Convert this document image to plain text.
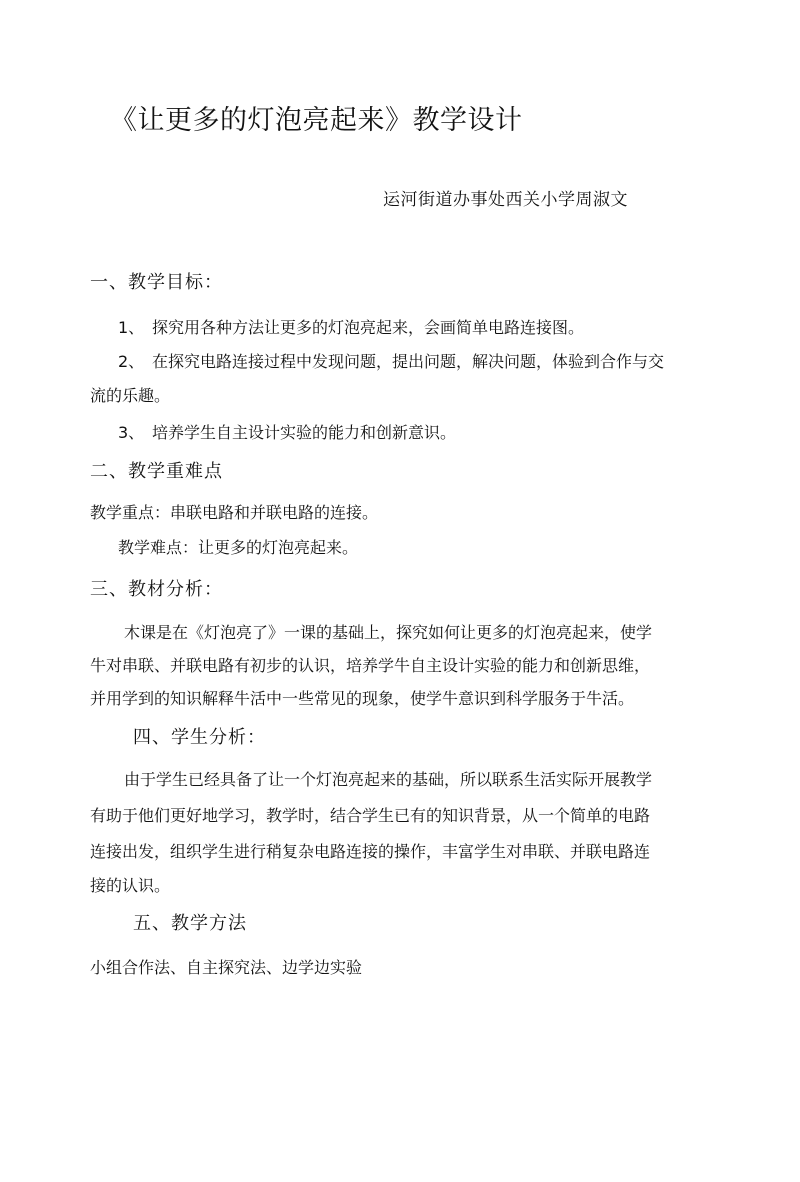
《让更多的灯泡亮起来》教学设计
运河街道办事处西关小学周淑文
一、教学目标：
1、 探究用各种方法让更多的灯泡亮起来，会画简单电路连接图。
2、 在探究电路连接过程中发现问题，提出问题，解决问题，体验到合作与交
流的乐趣。
3、 培养学生自主设计实验的能力和创新意识。
二、教学重难点
教学重点：串联电路和并联电路的连接。
教学难点：让更多的灯泡亮起来。
三、教材分析：
木课是在《灯泡亮了》一课的基础上，探究如何让更多的灯泡亮起来，使学
牛对串联、并联电路有初步的认识，培养学牛自主设计实验的能力和创新思维，
并用学到的知识解释牛活中一些常见的现象，使学牛意识到科学服务于牛活。
四、学生分析：
由于学生已经具备了让一个灯泡亮起来的基础，所以联系生活实际开展教学
有助于他们更好地学习，教学时，结合学生已有的知识背景，从一个简单的电路
连接出发，组织学生进行稍复杂电路连接的操作，丰富学生对串联、并联电路连
接的认识。
五、教学方法
小组合作法、自主探究法、边学边实验
